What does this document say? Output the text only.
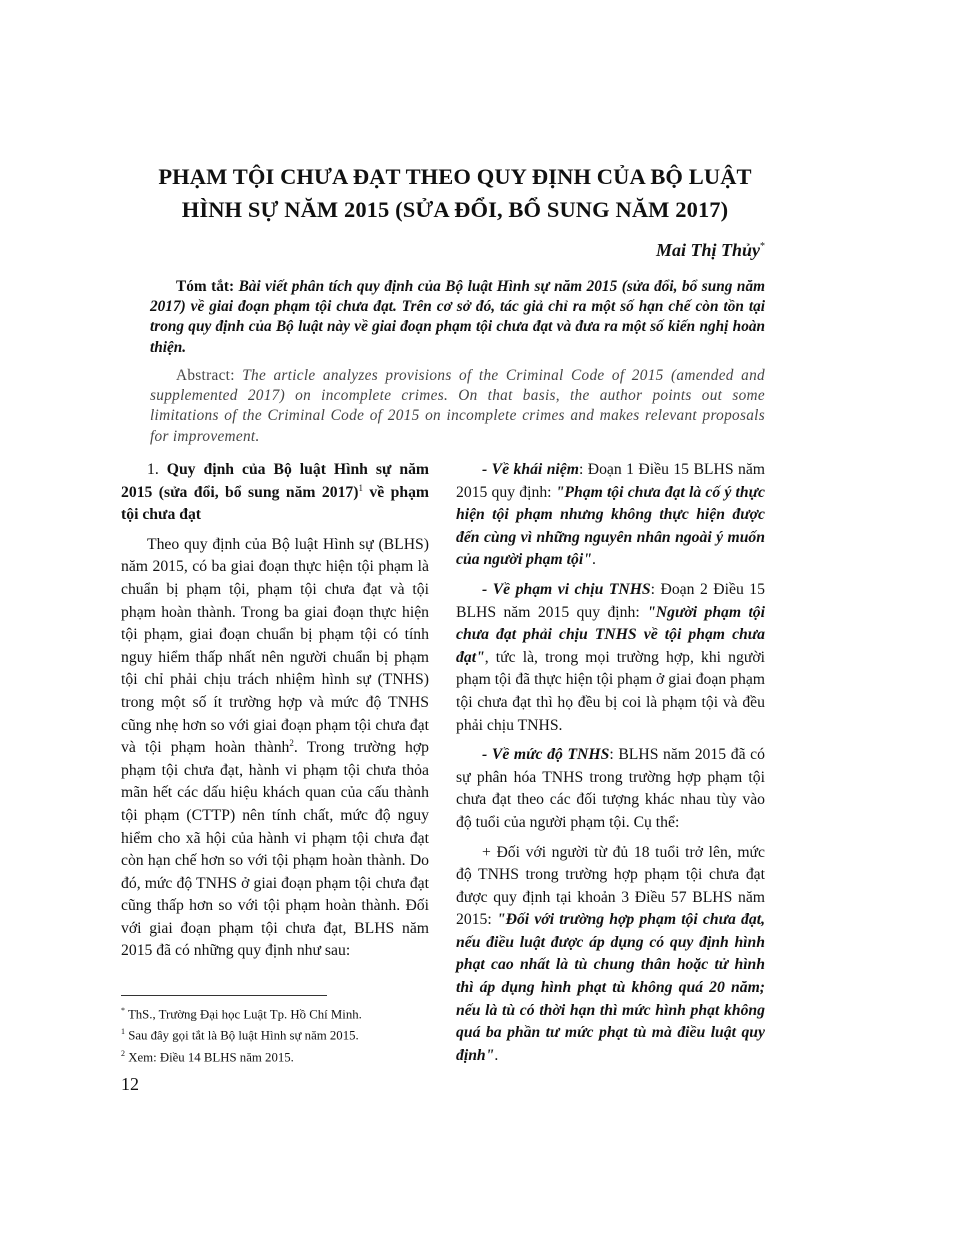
PHẠM TỘI CHƯA ĐẠT THEO QUY ĐỊNH CỦA BỘ LUẬT
HÌNH SỰ NĂM 2015 (SỬA ĐỔI, BỔ SUNG NĂM 2017)
Mai Thị Thủy*
Tóm tắt: Bài viết phân tích quy định của Bộ luật Hình sự năm 2015 (sửa đổi, bổ sung năm 2017) về giai đoạn phạm tội chưa đạt. Trên cơ sở đó, tác giả chỉ ra một số hạn chế còn tồn tại trong quy định của Bộ luật này về giai đoạn phạm tội chưa đạt và đưa ra một số kiến nghị hoàn thiện.
Abstract: The article analyzes provisions of the Criminal Code of 2015 (amended and supplemented 2017) on incomplete crimes. On that basis, the author points out some limitations of the Criminal Code of 2015 on incomplete crimes and makes relevant proposals for improvement.

1. Quy định của Bộ luật Hình sự năm 2015 (sửa đổi, bổ sung năm 2017)$^1$ về phạm tội chưa đạt

Theo quy định của Bộ luật Hình sự (BLHS) năm 2015, có ba giai đoạn thực hiện tội phạm là chuẩn bị phạm tội, phạm tội chưa đạt và tội phạm hoàn thành. Trong ba giai đoạn thực hiện tội phạm, giai đoạn chuẩn bị phạm tội có tính nguy hiểm thấp nhất nên người chuẩn bị phạm tội chỉ phải chịu trách nhiệm hình sự (TNHS) trong một số ít trường hợp và mức độ TNHS cũng nhẹ hơn so với giai đoạn phạm tội chưa đạt và tội phạm hoàn thành$^2$. Trong trường hợp phạm tội chưa đạt, hành vi phạm tội chưa thỏa mãn hết các dấu hiệu khách quan của cấu thành tội phạm (CTTP) nên tính chất, mức độ nguy hiểm cho xã hội của hành vi phạm tội chưa đạt còn hạn chế hơn so với tội phạm hoàn thành. Do đó, mức độ TNHS ở giai đoạn phạm tội chưa đạt cũng thấp hơn so với tội phạm hoàn thành. Đối với giai đoạn phạm tội chưa đạt, BLHS năm 2015 đã có những quy định như sau:

- Về khái niệm: Đoạn 1 Điều 15 BLHS năm 2015 quy định: "Phạm tội chưa đạt là cố ý thực hiện tội phạm nhưng không thực hiện được đến cùng vì những nguyên nhân ngoài ý muốn của người phạm tội".

- Về phạm vi chịu TNHS: Đoạn 2 Điều 15 BLHS năm 2015 quy định: "Người phạm tội chưa đạt phải chịu TNHS về tội phạm chưa đạt", tức là, trong mọi trường hợp, khi người phạm tội đã thực hiện tội phạm ở giai đoạn phạm tội chưa đạt thì họ đều bị coi là phạm tội và đều phải chịu TNHS.

- Về mức độ TNHS: BLHS năm 2015 đã có sự phân hóa TNHS trong trường hợp phạm tội chưa đạt theo các đối tượng khác nhau tùy vào độ tuổi của người phạm tội. Cụ thể:

+ Đối với người từ đủ 18 tuổi trở lên, mức độ TNHS trong trường hợp phạm tội chưa đạt được quy định tại khoản 3 Điều 57 BLHS năm 2015: "Đối với trường hợp phạm tội chưa đạt, nếu điều luật được áp dụng có quy định hình phạt cao nhất là tù chung thân hoặc tử hình thì áp dụng hình phạt tù không quá 20 năm; nếu là tù có thời hạn thì mức hình phạt không quá ba phần tư mức phạt tù mà điều luật quy định".

* ThS., Trường Đại học Luật Tp. Hồ Chí Minh.
$^1$ Sau đây gọi tắt là Bộ luật Hình sự năm 2015.
$^2$ Xem: Điều 14 BLHS năm 2015.
12
